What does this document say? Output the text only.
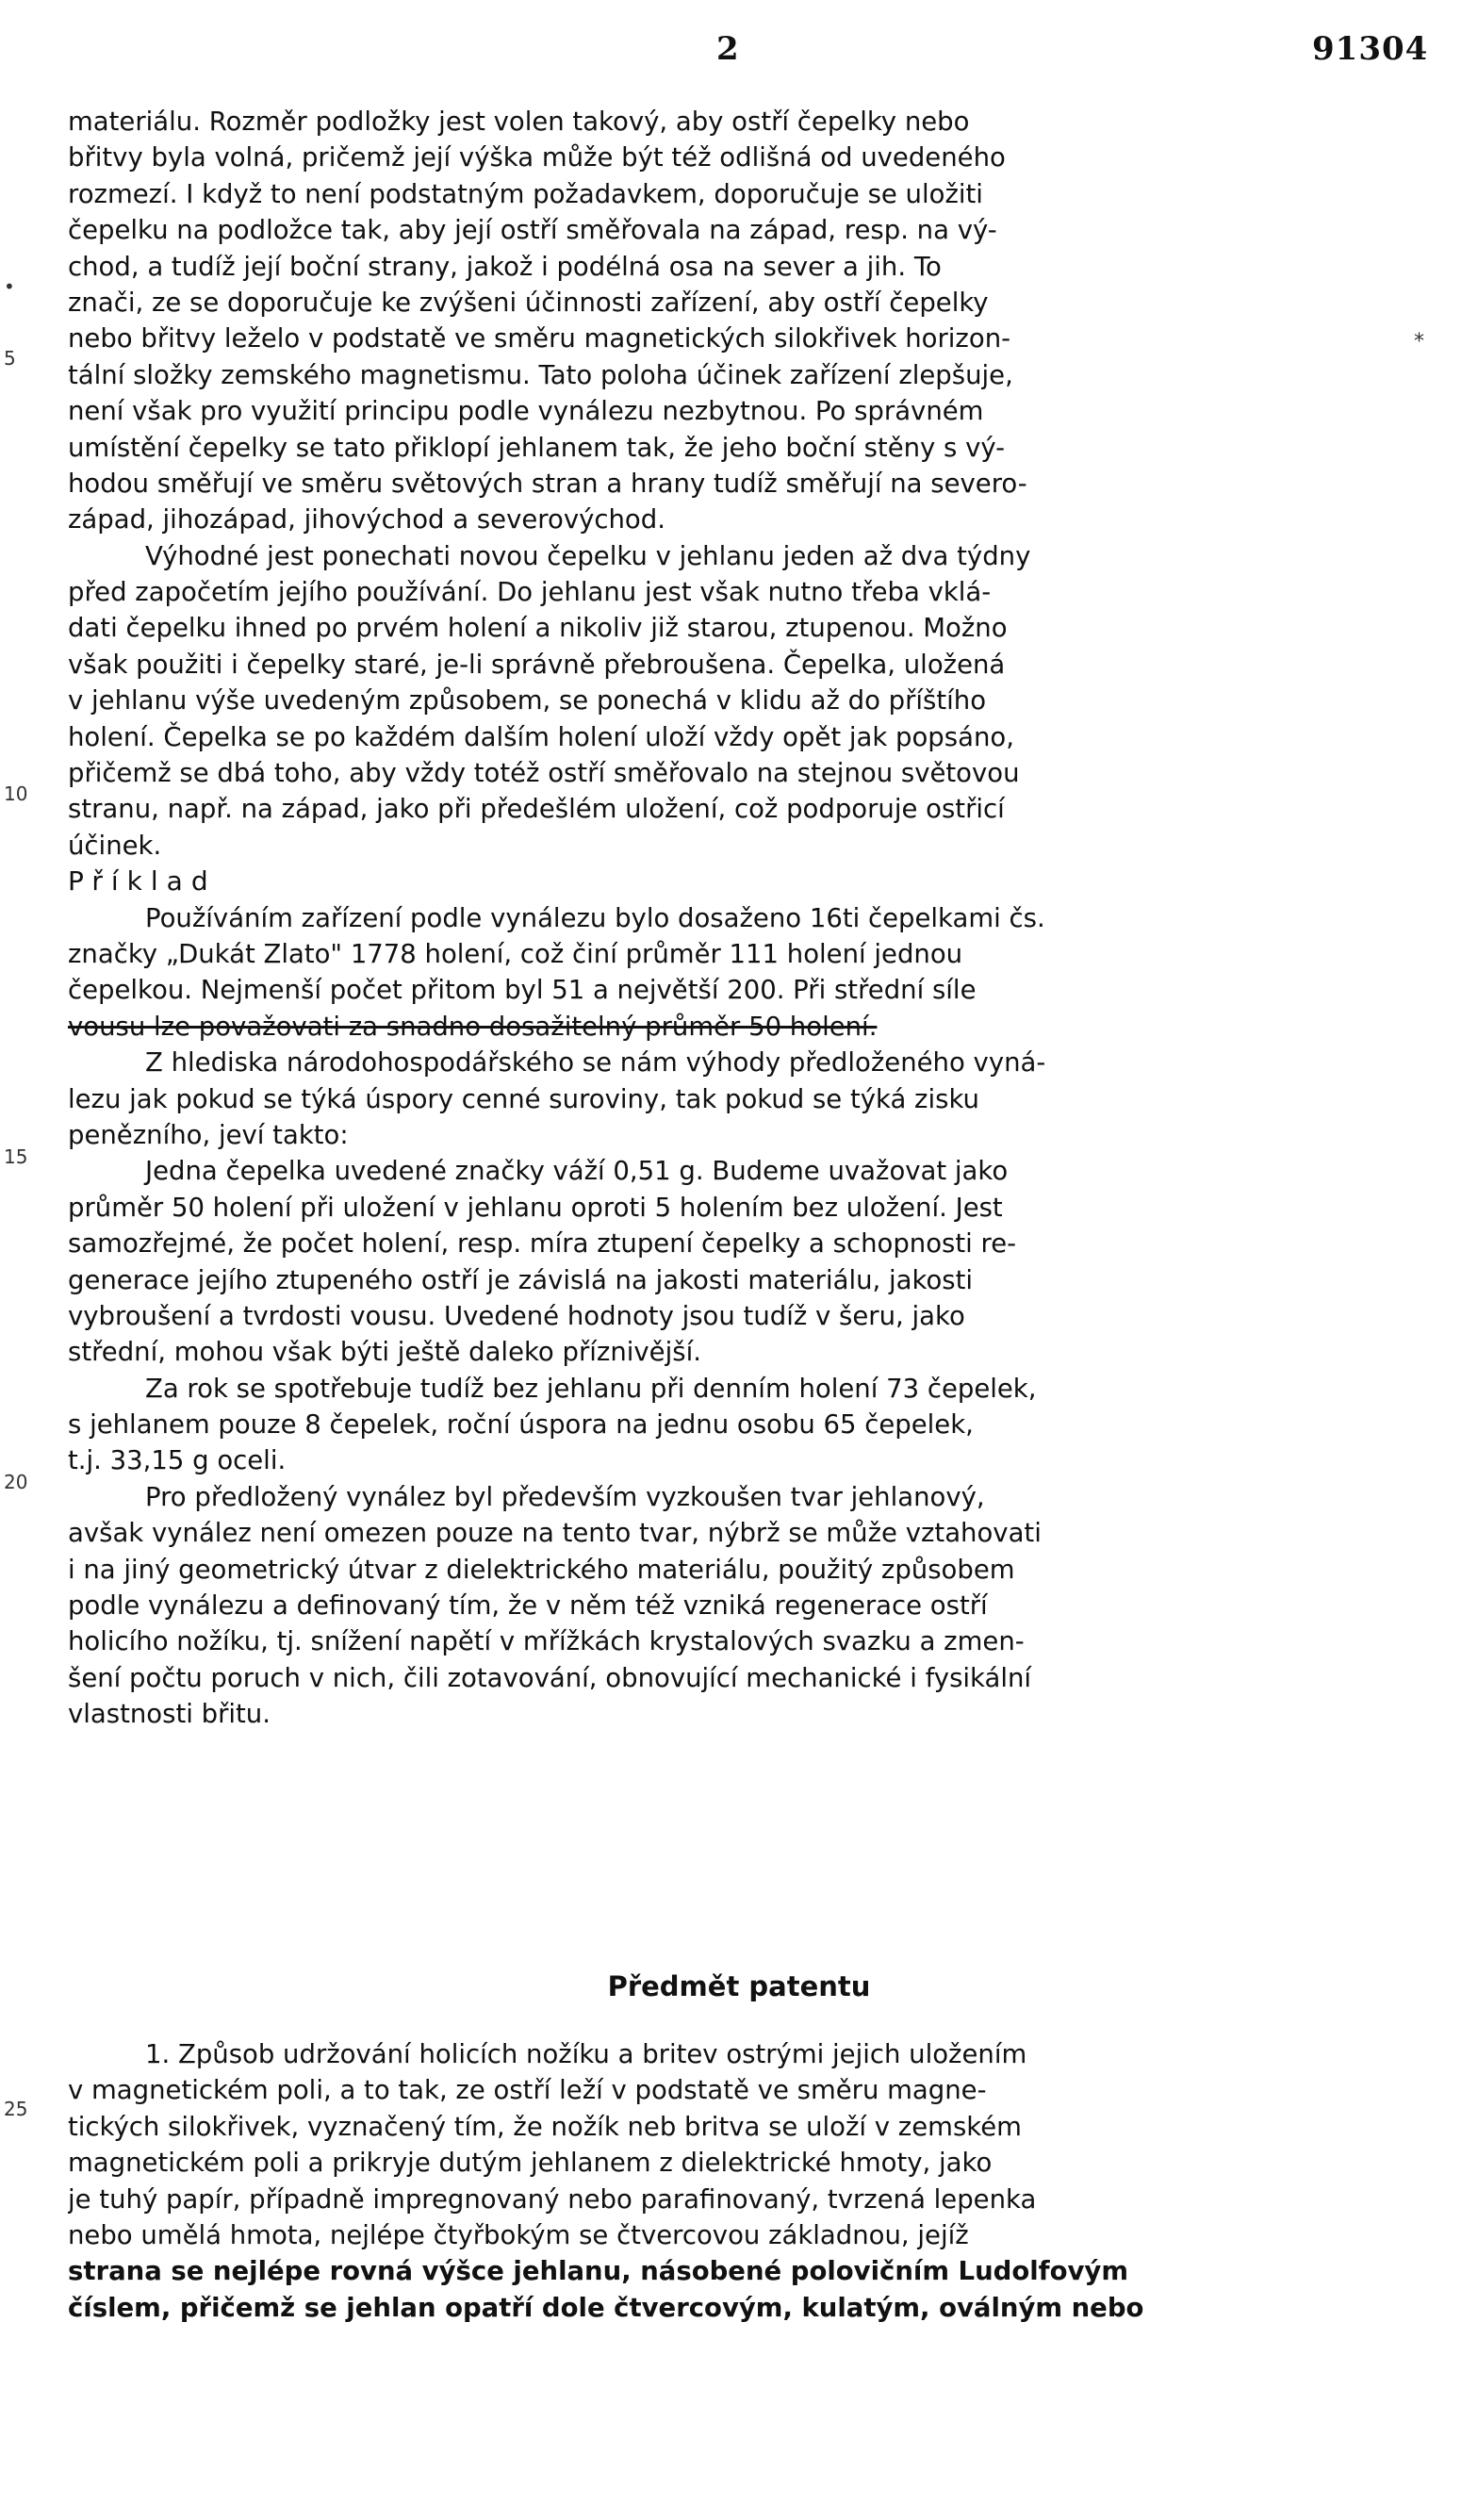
2	91304
•
5
10
15
20
25
*
materiálu. Rozměr podložky jest volen takový, aby ostří čepelky nebo
břitvy byla volná, pričemž její výška může být též odlišná od uvedeného
rozmezí. I když to není podstatným požadavkem, doporučuje se uložiti
čepelku na podložce tak, aby její ostří směřovala na západ, resp. na vý-
chod, a tudíž její boční strany, jakož i podélná osa na sever a jih. To
znači, ze se doporučuje ke zvýšeni účinnosti zařízení, aby ostří čepelky
nebo břitvy leželo v podstatě ve směru magnetických silokřivek horizon-
tální složky zemského magnetismu. Tato poloha účinek zařízení zlepšuje,
není však pro využití principu podle vynálezu nezbytnou. Po správném
umístění čepelky se tato přiklopí jehlanem tak, že jeho boční stěny s vý-
hodou směřují ve směru světových stran a hrany tudíž směřují na severo-
západ, jihozápad, jihovýchod a severovýchod.
Výhodné jest ponechati novou čepelku v jehlanu jeden až dva týdny
před započetím jejího používání. Do jehlanu jest však nutno třeba vklá-
dati čepelku ihned po prvém holení a nikoliv již starou, ztupenou. Možno
však použiti i čepelky staré, je-li správně přebroušena. Čepelka, uložená
v jehlanu výše uvedeným způsobem, se ponechá v klidu až do příštího
holení. Čepelka se po každém dalším holení uloží vždy opět jak popsáno,
přičemž se dbá toho, aby vždy totéž ostří směřovalo na stejnou světovou
stranu, např. na západ, jako při předešlém uložení, což podporuje ostřicí
účinek.
Příklad
Používáním zařízení podle vynálezu bylo dosaženo 16ti čepelkami čs.
značky „Dukát Zlato" 1778 holení, což činí průměr 111 holení jednou
čepelkou. Nejmenší počet přitom byl 51 a největší 200. Při střední síle
vousu lze považovati za snadno dosažitelný průměr 50 holení.
Z hlediska národohospodářského se nám výhody předloženého vyná-
lezu jak pokud se týká úspory cenné suroviny, tak pokud se týká zisku
penězního, jeví takto:
Jedna čepelka uvedené značky váží 0,51 g. Budeme uvažovat jako
průměr 50 holení při uložení v jehlanu oproti 5 holením bez uložení. Jest
samozřejmé, že počet holení, resp. míra ztupení čepelky a schopnosti re-
generace jejího ztupeného ostří je závislá na jakosti materiálu, jakosti
vybroušení a tvrdosti vousu. Uvedené hodnoty jsou tudíž v šeru, jako
střední, mohou však býti ještě daleko příznivější.
Za rok se spotřebuje tudíž bez jehlanu při denním holení 73 čepelek,
s jehlanem pouze 8 čepelek, roční úspora na jednu osobu 65 čepelek,
t.j. 33,15 g oceli.
Pro předložený vynález byl především vyzkoušen tvar jehlanový,
avšak vynález není omezen pouze na tento tvar, nýbrž se může vztahovati
i na jiný geometrický útvar z dielektrického materiálu, použitý způsobem
podle vynálezu a definovaný tím, že v něm též vzniká regenerace ostří
holicího nožíku, tj. snížení napětí v mřížkách krystalových svazku a zmen-
šení počtu poruch v nich, čili zotavování, obnovující mechanické i fysikální
vlastnosti břitu.
Předmět patentu
1. Způsob udržování holicích nožíku a britev ostrými jejich uložením
v magnetickém poli, a to tak, ze ostří leží v podstatě ve směru magne-
tických silokřivek, vyznačený tím, že nožík neb britva se uloží v zemském
magnetickém poli a prikryje dutým jehlanem z dielektrické hmoty, jako
je tuhý papír, případně impregnovaný nebo parafinovaný, tvrzená lepenka
nebo umělá hmota, nejlépe čtyřbokým se čtvercovou základnou, jejíž
strana se nejlépe rovná výšce jehlanu, násobené polovičním Ludolfovým
číslem, přičemž se jehlan opatří dole čtvercovým, kulatým, oválným nebo
